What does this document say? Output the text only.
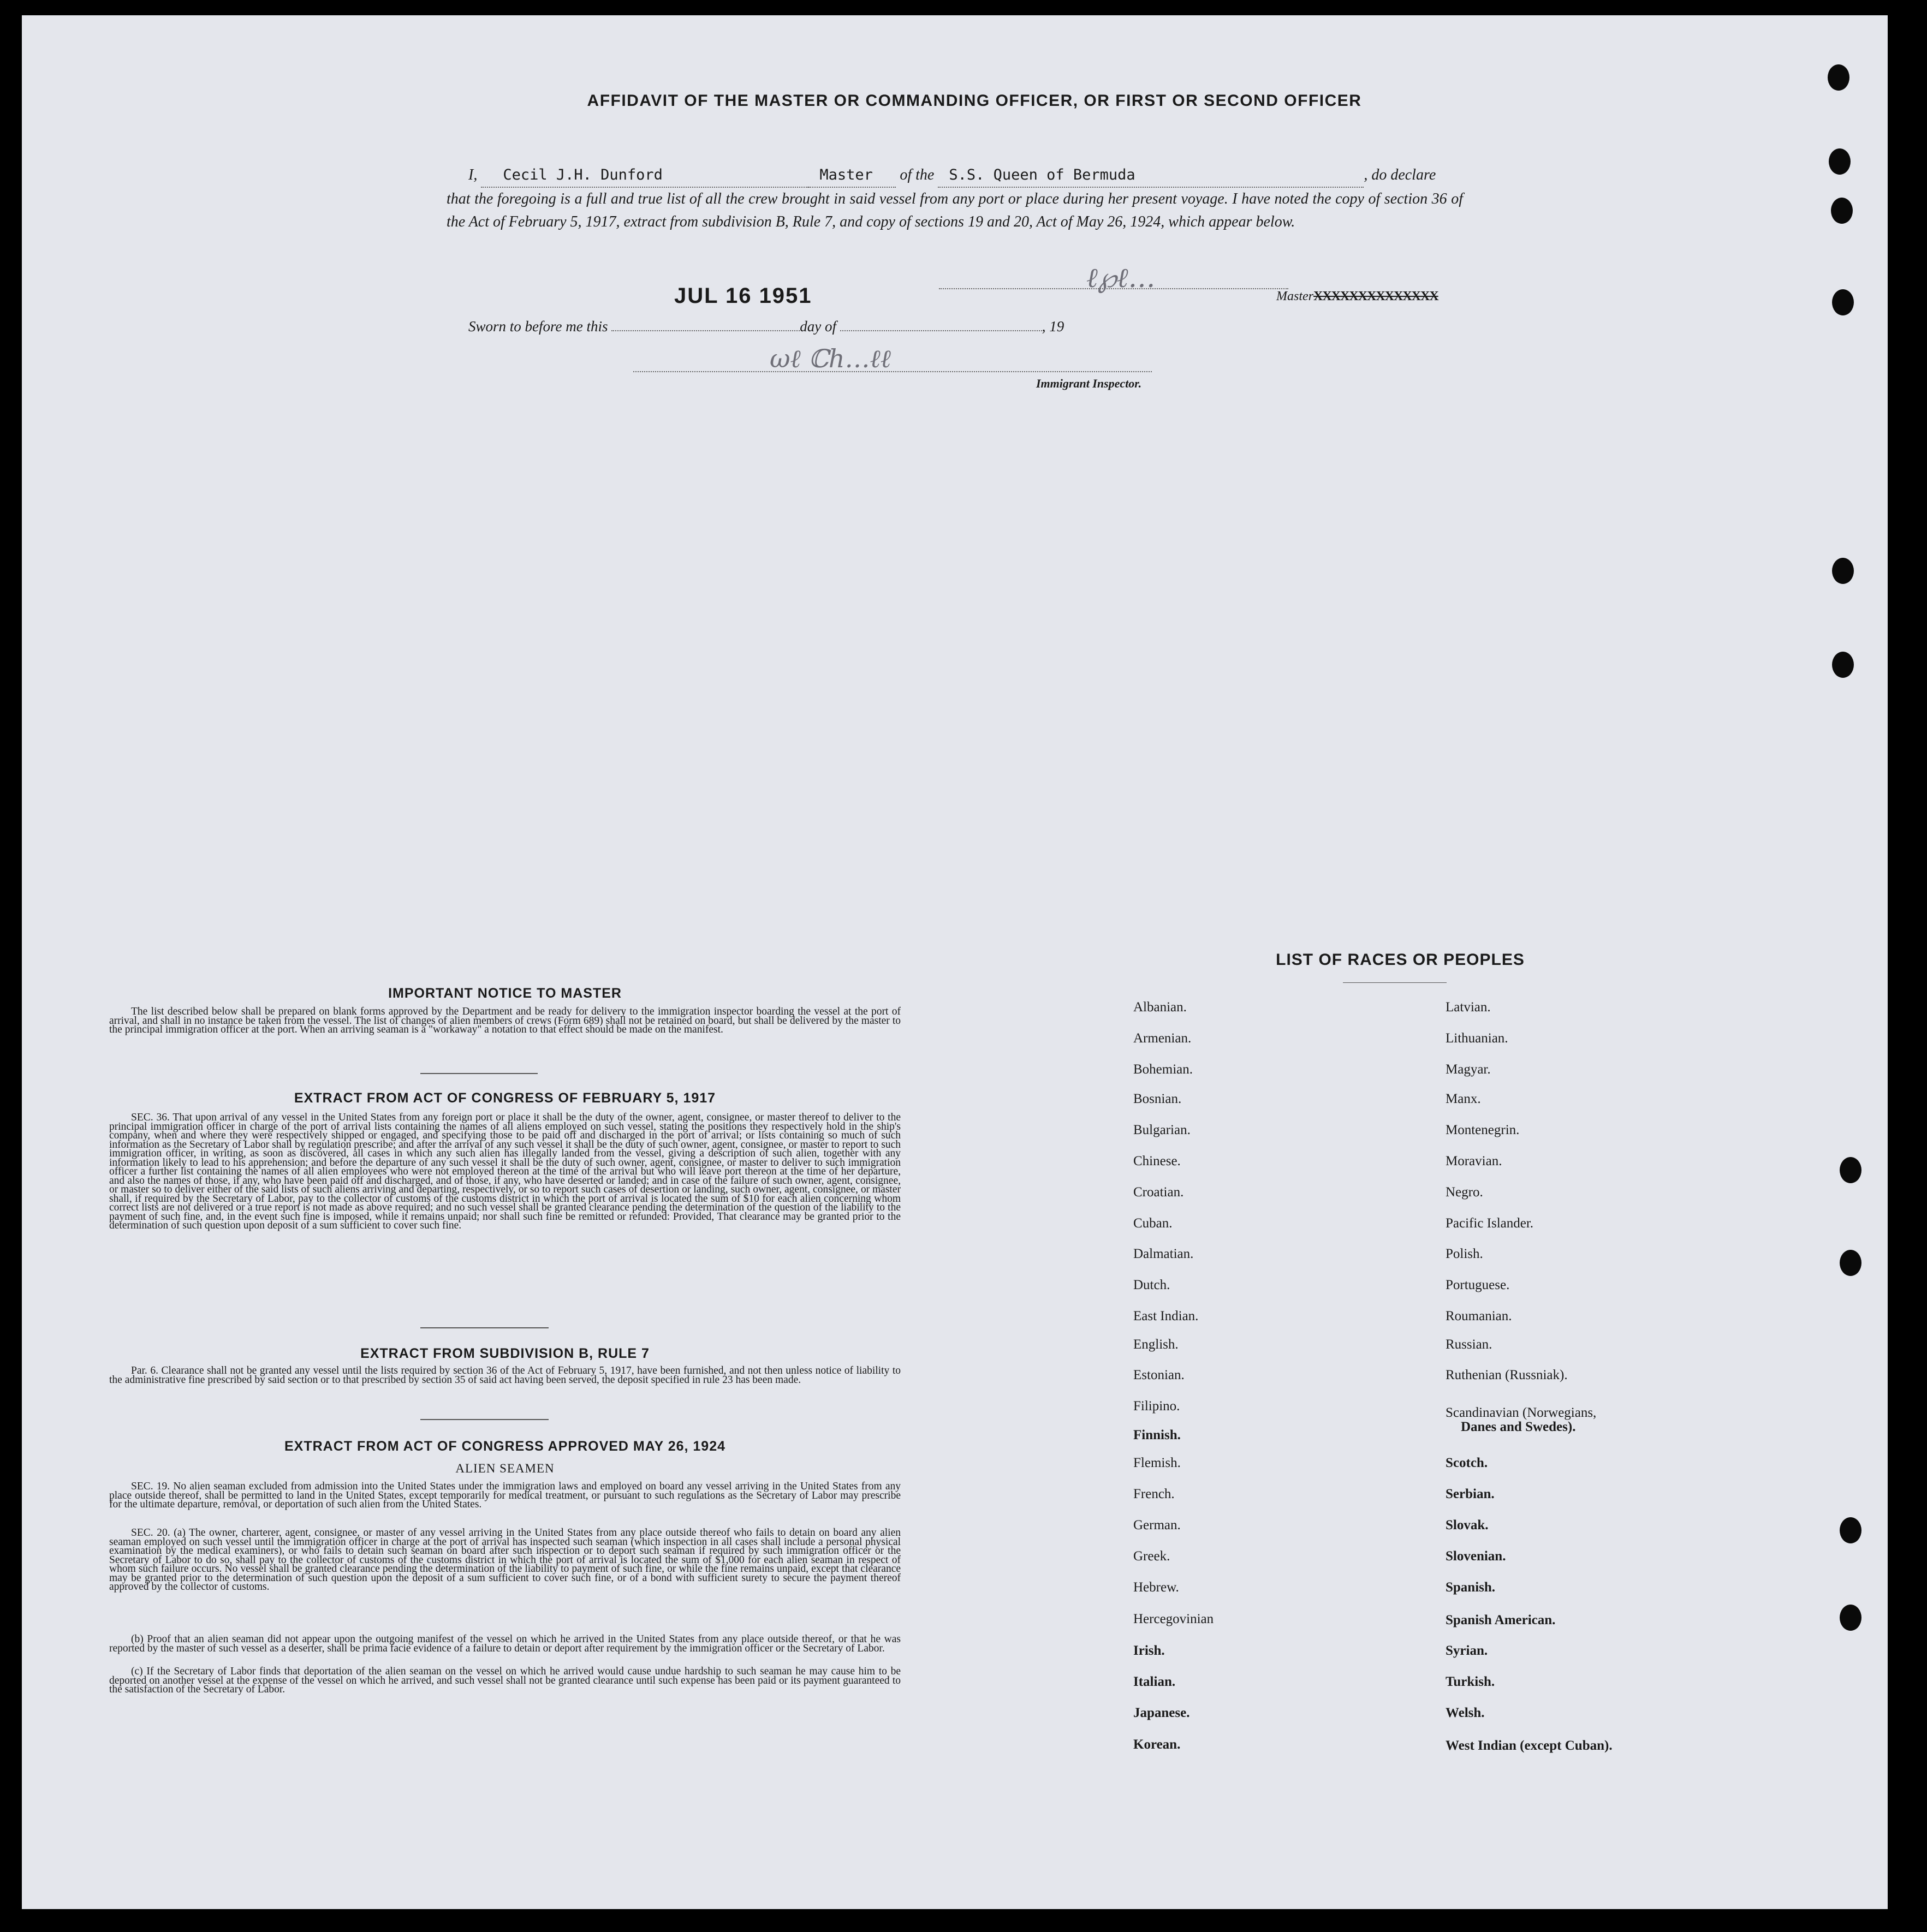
AFFIDAVIT OF THE MASTER OR COMMANDING OFFICER, OR FIRST OR SECOND OFFICER
I, Cecil J.H. Dunford	Master of the S.S. Queen of Bermuda	, do declare
that the foregoing is a full and true list of all the crew brought in said vessel from any port or place during her present voyage. I have noted the copy of section 36 of the Act of February 5, 1917, extract from subdivision B, Rule 7, and copy of sections 19 and 20, Act of May 26, 1924, which appear below.
ℓ℘ℓ…
MasterXXXXXXXXXXXXXX
JUL 16 1951
Sworn to before me this	day of	, 19
ωℓ ℂℎ…ℓℓ
Immigrant Inspector.
IMPORTANT NOTICE TO MASTER
The list described below shall be prepared on blank forms approved by the Department and be ready for delivery to the immigration inspector boarding the vessel at the port of arrival, and shall in no instance be taken from the vessel. The list of changes of alien members of crews (Form 689) shall not be retained on board, but shall be delivered by the master to the principal immigration officer at the port. When an arriving seaman is a "workaway" a notation to that effect should be made on the manifest.
EXTRACT FROM ACT OF CONGRESS OF FEBRUARY 5, 1917
SEC. 36. That upon arrival of any vessel in the United States from any foreign port or place it shall be the duty of the owner, agent, consignee, or master thereof to deliver to the principal immigration officer in charge of the port of arrival lists containing the names of all aliens employed on such vessel, stating the positions they respectively hold in the ship's company, when and where they were respectively shipped or engaged, and specifying those to be paid off and discharged in the port of arrival; or lists containing so much of such information as the Secretary of Labor shall by regulation prescribe; and after the arrival of any such vessel it shall be the duty of such owner, agent, consignee, or master to report to such immigration officer, in writing, as soon as discovered, all cases in which any such alien has illegally landed from the vessel, giving a description of such alien, together with any information likely to lead to his apprehension; and before the departure of any such vessel it shall be the duty of such owner, agent, consignee, or master to deliver to such immigration officer a further list containing the names of all alien employees who were not employed thereon at the time of the arrival but who will leave port thereon at the time of her departure, and also the names of those, if any, who have been paid off and discharged, and of those, if any, who have deserted or landed; and in case of the failure of such owner, agent, consignee, or master so to deliver either of the said lists of such aliens arriving and departing, respectively, or so to report such cases of desertion or landing, such owner, agent, consignee, or master shall, if required by the Secretary of Labor, pay to the collector of customs of the customs district in which the port of arrival is located the sum of $10 for each alien concerning whom correct lists are not delivered or a true report is not made as above required; and no such vessel shall be granted clearance pending the determination of the question of the liability to the payment of such fine, and, in the event such fine is imposed, while it remains unpaid; nor shall such fine be remitted or refunded: Provided, That clearance may be granted prior to the determination of such question upon deposit of a sum sufficient to cover such fine.
EXTRACT FROM SUBDIVISION B, RULE 7
Par. 6. Clearance shall not be granted any vessel until the lists required by section 36 of the Act of February 5, 1917, have been furnished, and not then unless notice of liability to the administrative fine prescribed by said section or to that prescribed by section 35 of said act having been served, the deposit specified in rule 23 has been made.
EXTRACT FROM ACT OF CONGRESS APPROVED MAY 26, 1924
ALIEN SEAMEN
SEC. 19. No alien seaman excluded from admission into the United States under the immigration laws and employed on board any vessel arriving in the United States from any place outside thereof, shall be permitted to land in the United States, except temporarily for medical treatment, or pursuant to such regulations as the Secretary of Labor may prescribe for the ultimate departure, removal, or deportation of such alien from the United States.
SEC. 20. (a) The owner, charterer, agent, consignee, or master of any vessel arriving in the United States from any place outside thereof who fails to detain on board any alien seaman employed on such vessel until the immigration officer in charge at the port of arrival has inspected such seaman (which inspection in all cases shall include a personal physical examination by the medical examiners), or who fails to detain such seaman on board after such inspection or to deport such seaman if required by such immigration officer or the Secretary of Labor to do so, shall pay to the collector of customs of the customs district in which the port of arrival is located the sum of $1,000 for each alien seaman in respect of whom such failure occurs. No vessel shall be granted clearance pending the determination of the liability to payment of such fine, or while the fine remains unpaid, except that clearance may be granted prior to the determination of such question upon the deposit of a sum sufficient to cover such fine, or of a bond with sufficient surety to secure the payment thereof approved by the collector of customs.
(b) Proof that an alien seaman did not appear upon the outgoing manifest of the vessel on which he arrived in the United States from any place outside thereof, or that he was reported by the master of such vessel as a deserter, shall be prima facie evidence of a failure to detain or deport after requirement by the immigration officer or the Secretary of Labor.
(c) If the Secretary of Labor finds that deportation of the alien seaman on the vessel on which he arrived would cause undue hardship to such seaman he may cause him to be deported on another vessel at the expense of the vessel on which he arrived, and such vessel shall not be granted clearance until such expense has been paid or its payment guaranteed to the satisfaction of the Secretary of Labor.
LIST OF RACES OR PEOPLES
Albanian.
Armenian.
Bohemian.
Bosnian.
Bulgarian.
Chinese.
Croatian.
Cuban.
Dalmatian.
Dutch.
East Indian.
English.
Estonian.
Filipino.
Finnish.
Flemish.
French.
German.
Greek.
Hebrew.
Hercegovinian
Irish.
Italian.
Japanese.
Korean.
Latvian.
Lithuanian.
Magyar.
Manx.
Montenegrin.
Moravian.
Negro.
Pacific Islander.
Polish.
Portuguese.
Roumanian.
Russian.
Ruthenian (Russniak).
Scandinavian (Norwegians,
Danes and Swedes).
Scotch.
Serbian.
Slovak.
Slovenian.
Spanish.
Spanish American.
Syrian.
Turkish.
Welsh.
West Indian (except Cuban).
